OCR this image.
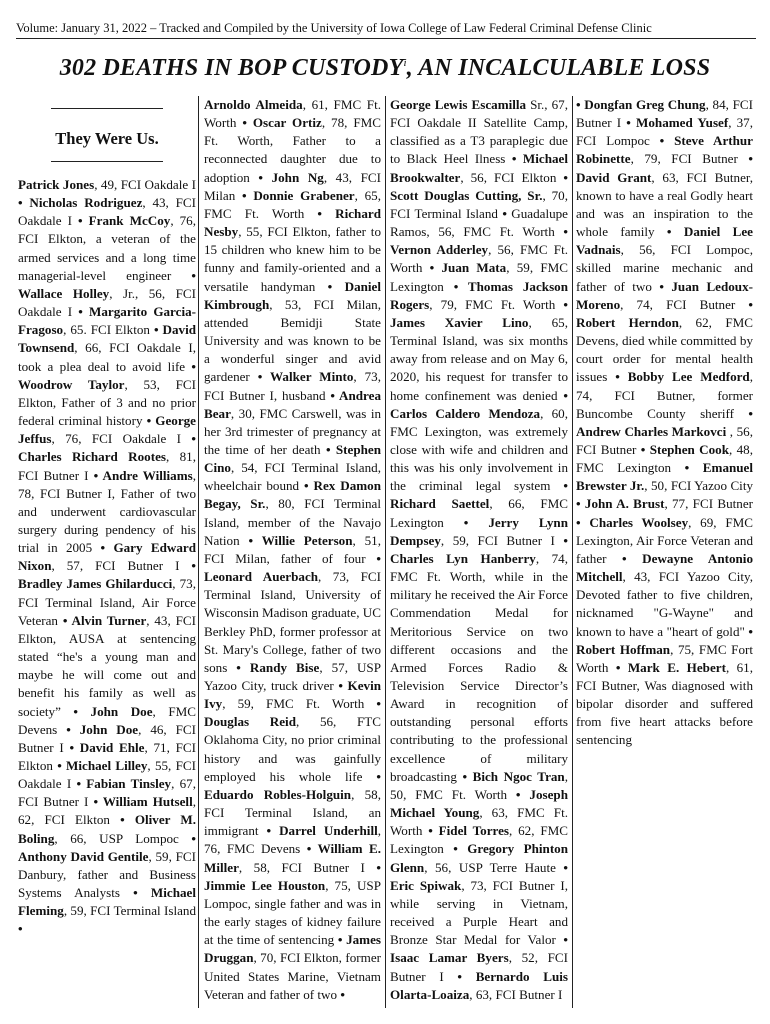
Volume: January 31, 2022 – Tracked and Compiled by the University of Iowa College of Law Federal Criminal Defense Clinic
302 DEATHS IN BOP CUSTODY$^i$, AN INCALCULABLE LOSS
They Were Us.
Patrick Jones, 49, FCI Oakdale I • Nicholas Rodriguez, 43, FCI Oakdale I • Frank McCoy, 76, FCI Elkton, a veteran of the armed services and a long time managerial-level engineer • Wallace Holley, Jr., 56, FCI Oakdale I • Margarito Garcia-Fragoso, 65. FCI Elkton • David Townsend, 66, FCI Oakdale I, took a plea deal to avoid life • Woodrow Taylor, 53, FCI Elkton, Father of 3 and no prior federal criminal history • George Jeffus, 76, FCI Oakdale I • Charles Richard Rootes, 81, FCI Butner I • Andre Williams, 78, FCI Butner I, Father of two and underwent cardiovascular surgery during pendency of his trial in 2005 • Gary Edward Nixon, 57, FCI Butner I • Bradley James Ghilarducci, 73, FCI Terminal Island, Air Force Veteran • Alvin Turner, 43, FCI Elkton, AUSA at sentencing stated “he's a young man and maybe he will come out and benefit his family as well as society” • John Doe, FMC Devens • John Doe, 46, FCI Butner I • David Ehle, 71, FCI Elkton • Michael Lilley, 55, FCI Oakdale I • Fabian Tinsley, 67, FCI Butner I • William Hutsell, 62, FCI Elkton • Oliver M. Boling, 66, USP Lompoc • Anthony David Gentile, 59, FCI Danbury, father and Business Systems Analysts • Michael Fleming, 59, FCI Terminal Island •
Arnoldo Almeida, 61, FMC Ft. Worth • Oscar Ortiz, 78, FMC Ft. Worth, Father to a reconnected daughter due to adoption • John Ng, 43, FCI Milan • Donnie Grabener, 65, FMC Ft. Worth • Richard Nesby, 55, FCI Elkton, father to 15 children who knew him to be funny and family-oriented and a versatile handyman • Daniel Kimbrough, 53, FCI Milan, attended Bemidji State University and was known to be a wonderful singer and avid gardener • Walker Minto, 73, FCI Butner I, husband • Andrea Bear, 30, FMC Carswell, was in her 3rd trimester of pregnancy at the time of her death • Stephen Cino, 54, FCI Terminal Island, wheelchair bound • Rex Damon Begay, Sr., 80, FCI Terminal Island, member of the Navajo Nation • Willie Peterson, 51, FCI Milan, father of four • Leonard Auerbach, 73, FCI Terminal Island, University of Wisconsin Madison graduate, UC Berkley PhD, former professor at St. Mary's College, father of two sons • Randy Bise, 57, USP Yazoo City, truck driver • Kevin Ivy, 59, FMC Ft. Worth • Douglas Reid, 56, FTC Oklahoma City, no prior criminal history and was gainfully employed his whole life • Eduardo Robles-Holguin, 58, FCI Terminal Island, an immigrant • Darrel Underhill, 76, FMC Devens • William E. Miller, 58, FCI Butner I • Jimmie Lee Houston, 75, USP Lompoc, single father and was in the early stages of kidney failure at the time of sentencing • James Druggan, 70, FCI Elkton, former United States Marine, Vietnam Veteran and father of two •
George Lewis Escamilla Sr., 67, FCI Oakdale II Satellite Camp, classified as a T3 paraplegic due to Black Heel Ilness • Michael Brookwalter, 56, FCI Elkton • Scott Douglas Cutting, Sr., 70, FCI Terminal Island • Guadalupe Ramos, 56, FMC Ft. Worth • Vernon Adderley, 56, FMC Ft. Worth • Juan Mata, 59, FMC Lexington • Thomas Jackson Rogers, 79, FMC Ft. Worth • James Xavier Lino, 65, Terminal Island, was six months away from release and on May 6, 2020, his request for transfer to home confinement was denied • Carlos Caldero Mendoza, 60, FMC Lexington, was extremely close with wife and children and this was his only involvement in the criminal legal system • Richard Saettel, 66, FMC Lexington • Jerry Lynn Dempsey, 59, FCI Butner I • Charles Lyn Hanberry, 74, FMC Ft. Worth, while in the military he received the Air Force Commendation Medal for Meritorious Service on two different occasions and the Armed Forces Radio & Television Service Director’s Award in recognition of outstanding personal efforts contributing to the professional excellence of military broadcasting • Bich Ngoc Tran, 50, FMC Ft. Worth • Joseph Michael Young, 63, FMC Ft. Worth • Fidel Torres, 62, FMC Lexington • Gregory Phinton Glenn, 56, USP Terre Haute • Eric Spiwak, 73, FCI Butner I, while serving in Vietnam, received a Purple Heart and Bronze Star Medal for Valor • Isaac Lamar Byers, 52, FCI Butner I • Bernardo Luis Olarta-Loaiza, 63, FCI Butner I
• Dongfan Greg Chung, 84, FCI Butner I • Mohamed Yusef, 37, FCI Lompoc • Steve Arthur Robinette, 79, FCI Butner • David Grant, 63, FCI Butner, known to have a real Godly heart and was an inspiration to the whole family • Daniel Lee Vadnais, 56, FCI Lompoc, skilled marine mechanic and father of two • Juan Ledoux-Moreno, 74, FCI Butner • Robert Herndon, 62, FMC Devens, died while committed by court order for mental health issues • Bobby Lee Medford, 74, FCI Butner, former Buncombe County sheriff • Andrew Charles Markovci , 56, FCI Butner • Stephen Cook, 48, FMC Lexington • Emanuel Brewster Jr., 50, FCI Yazoo City • John A. Brust, 77, FCI Butner • Charles Woolsey, 69, FMC Lexington, Air Force Veteran and father • Dewayne Antonio Mitchell, 43, FCI Yazoo City, Devoted father to five children, nicknamed "G-Wayne" and known to have a "heart of gold" • Robert Hoffman, 75, FMC Fort Worth • Mark E. Hebert, 61, FCI Butner, Was diagnosed with bipolar disorder and suffered from five heart attacks before sentencing
